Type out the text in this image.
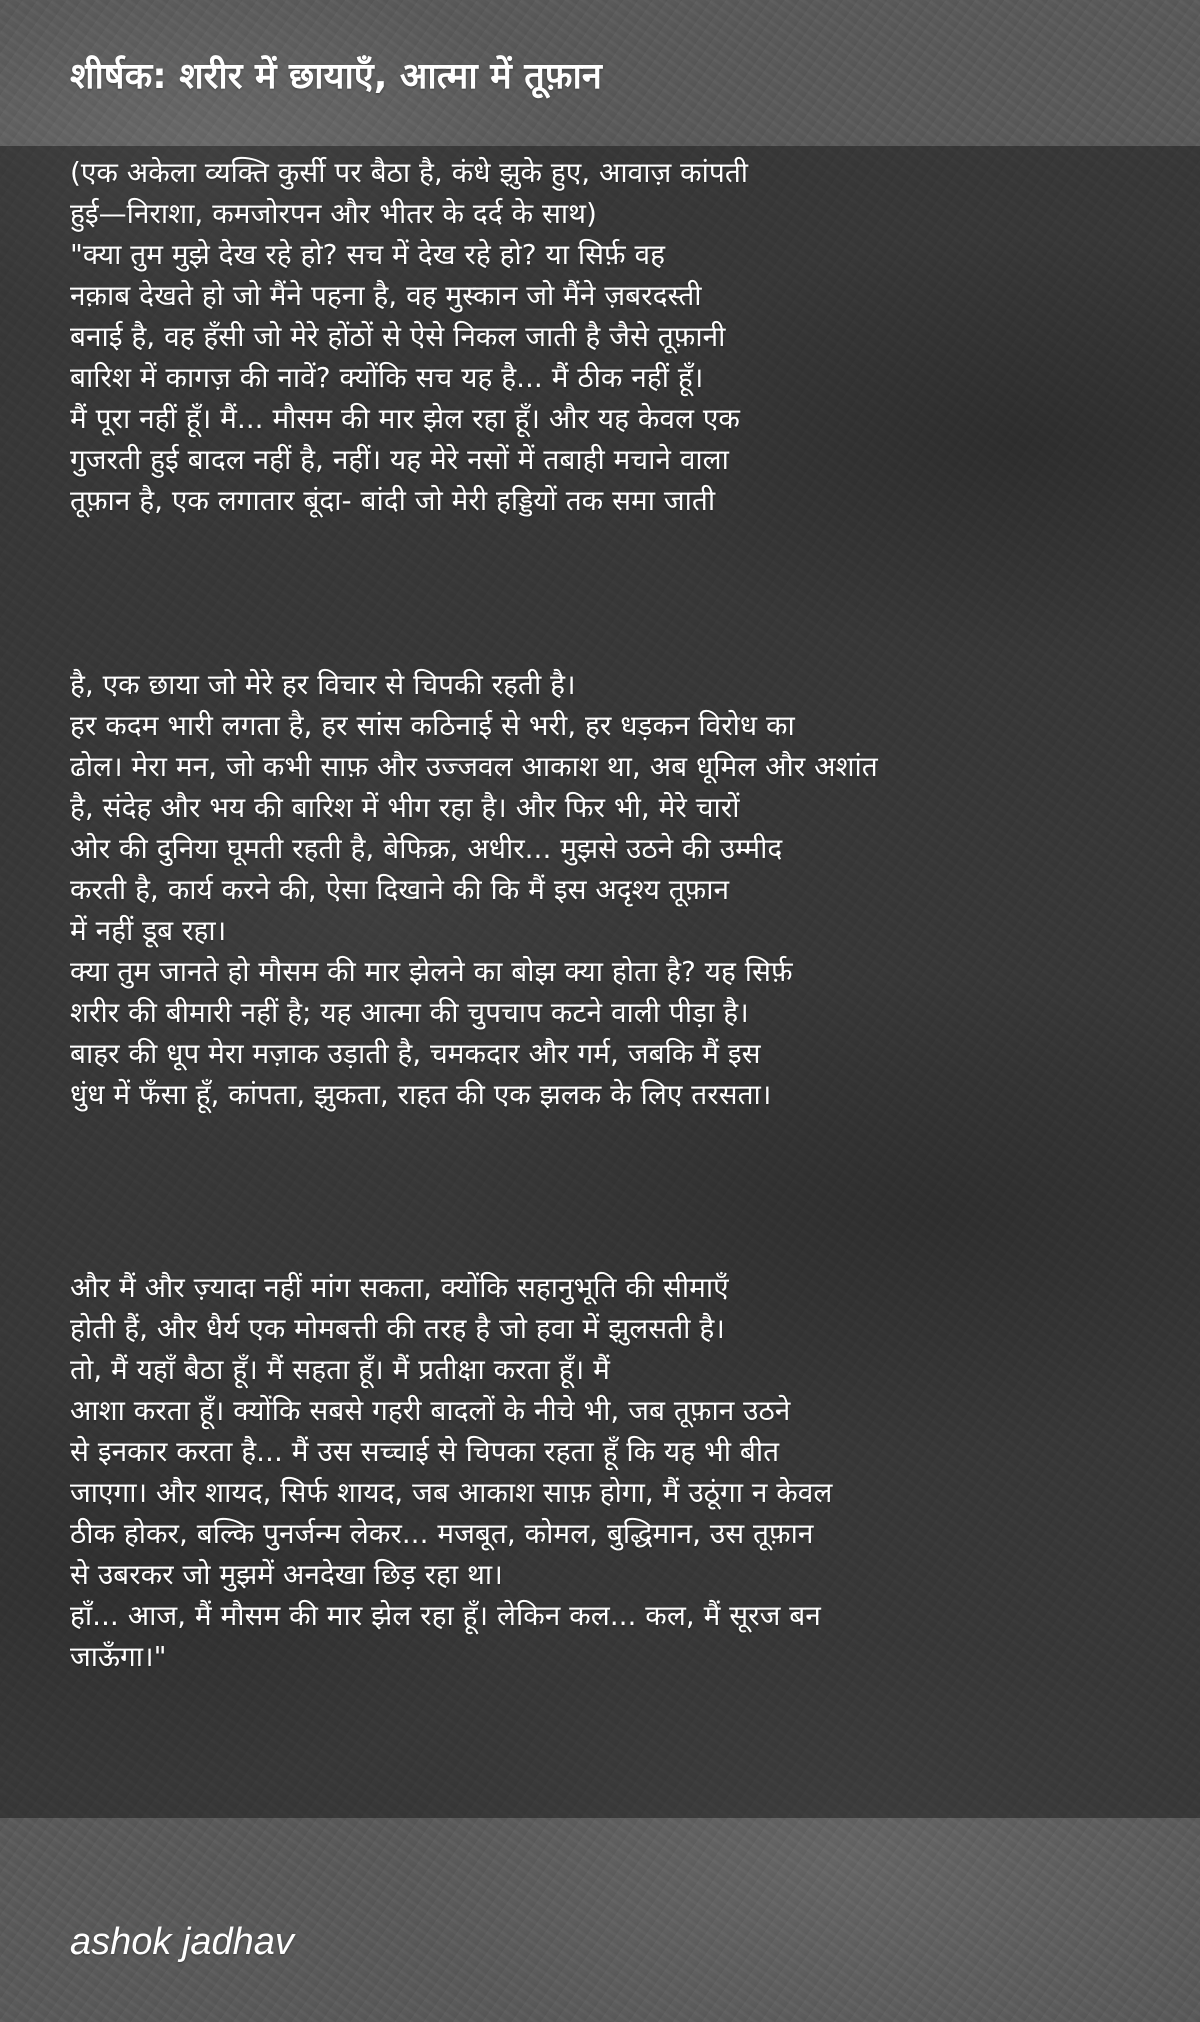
शीर्षक: शरीर में छायाएँ, आत्मा में तूफ़ान
(एक अकेला व्यक्ति कुर्सी पर बैठा है, कंधे झुके हुए, आवाज़ कांपती
हुई—निराशा, कमजोरपन और भीतर के दर्द के साथ)
"क्या तुम मुझे देख रहे हो? सच में देख रहे हो? या सिर्फ़ वह
नक़ाब देखते हो जो मैंने पहना है, वह मुस्कान जो मैंने ज़बरदस्ती
बनाई है, वह हँसी जो मेरे होंठों से ऐसे निकल जाती है जैसे तूफ़ानी
बारिश में कागज़ की नावें? क्योंकि सच यह है... मैं ठीक नहीं हूँ।
मैं पूरा नहीं हूँ। मैं... मौसम की मार झेल रहा हूँ। और यह केवल एक
गुजरती हुई बादल नहीं है, नहीं। यह मेरे नसों में तबाही मचाने वाला
तूफ़ान है, एक लगातार बूंदा- बांदी जो मेरी हड्डियों तक समा जाती
है, एक छाया जो मेरे हर विचार से चिपकी रहती है।
हर कदम भारी लगता है, हर सांस कठिनाई से भरी, हर धड़कन विरोध का
ढोल। मेरा मन, जो कभी साफ़ और उज्जवल आकाश था, अब धूमिल और अशांत
है, संदेह और भय की बारिश में भीग रहा है। और फिर भी, मेरे चारों
ओर की दुनिया घूमती रहती है, बेफिक्र, अधीर... मुझसे उठने की उम्मीद
करती है, कार्य करने की, ऐसा दिखाने की कि मैं इस अदृश्य तूफ़ान
में नहीं डूब रहा।
क्या तुम जानते हो मौसम की मार झेलने का बोझ क्या होता है? यह सिर्फ़
शरीर की बीमारी नहीं है; यह आत्मा की चुपचाप कटने वाली पीड़ा है।
बाहर की धूप मेरा मज़ाक उड़ाती है, चमकदार और गर्म, जबकि मैं इस
धुंध में फँसा हूँ, कांपता, झुकता, राहत की एक झलक के लिए तरसता।
और मैं और ज़्यादा नहीं मांग सकता, क्योंकि सहानुभूति की सीमाएँ
होती हैं, और धैर्य एक मोमबत्ती की तरह है जो हवा में झुलसती है।
तो, मैं यहाँ बैठा हूँ। मैं सहता हूँ। मैं प्रतीक्षा करता हूँ। मैं
आशा करता हूँ। क्योंकि सबसे गहरी बादलों के नीचे भी, जब तूफ़ान उठने
से इनकार करता है... मैं उस सच्चाई से चिपका रहता हूँ कि यह भी बीत
जाएगा। और शायद, सिर्फ शायद, जब आकाश साफ़ होगा, मैं उठूंगा न केवल
ठीक होकर, बल्कि पुनर्जन्म लेकर... मजबूत, कोमल, बुद्धिमान, उस तूफ़ान
से उबरकर जो मुझमें अनदेखा छिड़ रहा था।
हाँ... आज, मैं मौसम की मार झेल रहा हूँ। लेकिन कल... कल, मैं सूरज बन
जाऊँगा।"

ashok jadhav
